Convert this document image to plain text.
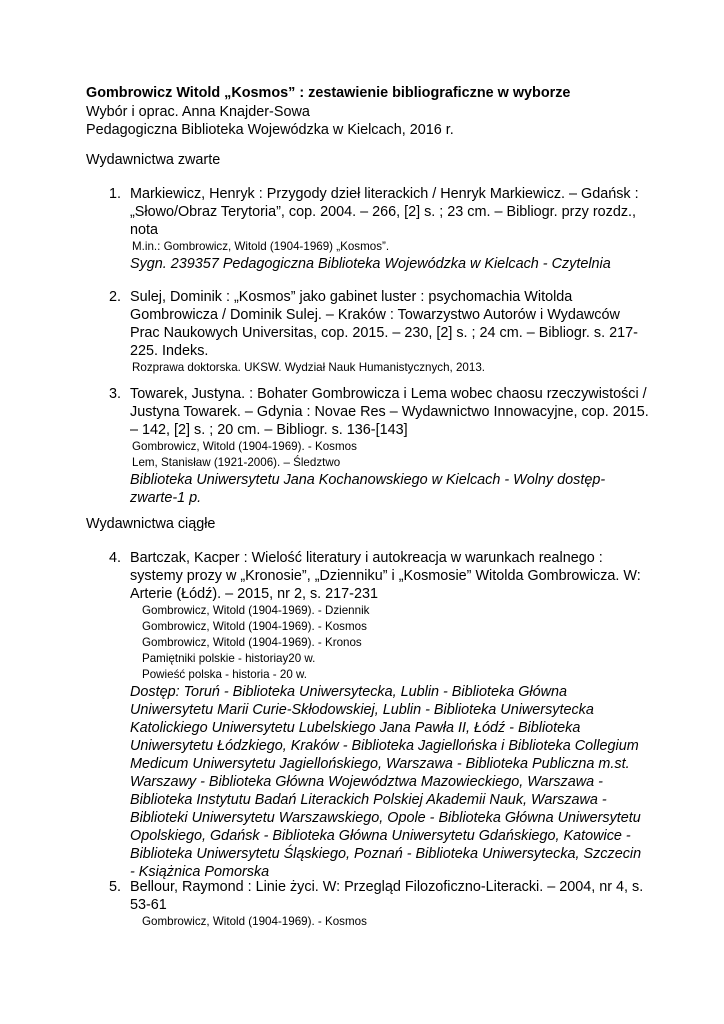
Gombrowicz Witold „Kosmos” : zestawienie bibliograficzne w wyborze
Wybór i oprac. Anna Knajder-Sowa
Pedagogiczna Biblioteka Wojewódzka w Kielcach, 2016 r.
Wydawnictwa zwarte
1. Markiewicz, Henryk : Przygody dzieł literackich / Henryk Markiewicz. – Gdańsk : „Słowo/Obraz Terytoria”, cop. 2004. – 266, [2] s. ; 23 cm. – Bibliogr. przy rozdz., nota
M.in.: Gombrowicz, Witold (1904-1969) „Kosmos”.
Sygn. 239357 Pedagogiczna Biblioteka Wojewódzka w Kielcach - Czytelnia
2. Sulej, Dominik : „Kosmos” jako gabinet luster : psychomachia Witolda Gombrowicza / Dominik Sulej. – Kraków : Towarzystwo Autorów i Wydawców Prac Naukowych Universitas, cop. 2015. – 230, [2] s. ; 24 cm. – Bibliogr. s. 217-225. Indeks.
Rozprawa doktorska. UKSW. Wydział Nauk Humanistycznych, 2013.
3. Towarek, Justyna. : Bohater Gombrowicza i Lema wobec chaosu rzeczywistości / Justyna Towarek. – Gdynia : Novae Res – Wydawnictwo Innowacyjne, cop. 2015. – 142, [2] s. ; 20 cm. – Bibliogr. s. 136-[143]
Gombrowicz, Witold (1904-1969). - Kosmos
Lem, Stanisław (1921-2006). – Śledztwo
Biblioteka Uniwersytetu Jana Kochanowskiego w Kielcach - Wolny dostęp-zwarte-1 p.
Wydawnictwa ciągłe
4. Bartczak, Kacper : Wielość literatury i autokreacja w warunkach realnego : systemy prozy w „Kronosie”, „Dzienniku” i „Kosmosie” Witolda Gombrowicza. W: Arterie (Łódź). – 2015, nr 2, s. 217-231
Gombrowicz, Witold (1904-1969). - Dziennik
Gombrowicz, Witold (1904-1969). - Kosmos
Gombrowicz, Witold (1904-1969). - Kronos
Pamiętniki polskie - historiay20 w.
Powieść polska - historia - 20 w.
Dostęp: Toruń - Biblioteka Uniwersytecka, Lublin - Biblioteka Główna Uniwersytetu Marii Curie-Skłodowskiej, Lublin - Biblioteka Uniwersytecka Katolickiego Uniwersytetu Lubelskiego Jana Pawła II, Łódź - Biblioteka Uniwersytetu Łódzkiego, Kraków - Biblioteka Jagiellońska i Biblioteka Collegium Medicum Uniwersytetu Jagiellońskiego, Warszawa - Biblioteka Publiczna m.st. Warszawy - Biblioteka Główna Województwa Mazowieckiego, Warszawa - Biblioteka Instytutu Badań Literackich Polskiej Akademii Nauk, Warszawa - Biblioteki Uniwersytetu Warszawskiego, Opole - Biblioteka Główna Uniwersytetu Opolskiego, Gdańsk - Biblioteka Główna Uniwersytetu Gdańskiego, Katowice - Biblioteka Uniwersytetu Śląskiego, Poznań - Biblioteka Uniwersytecka, Szczecin - Książnica Pomorska
5. Bellour, Raymond : Linie życi. W: Przegląd Filozoficzno-Literacki. – 2004, nr 4, s. 53-61
Gombrowicz, Witold (1904-1969). - Kosmos
